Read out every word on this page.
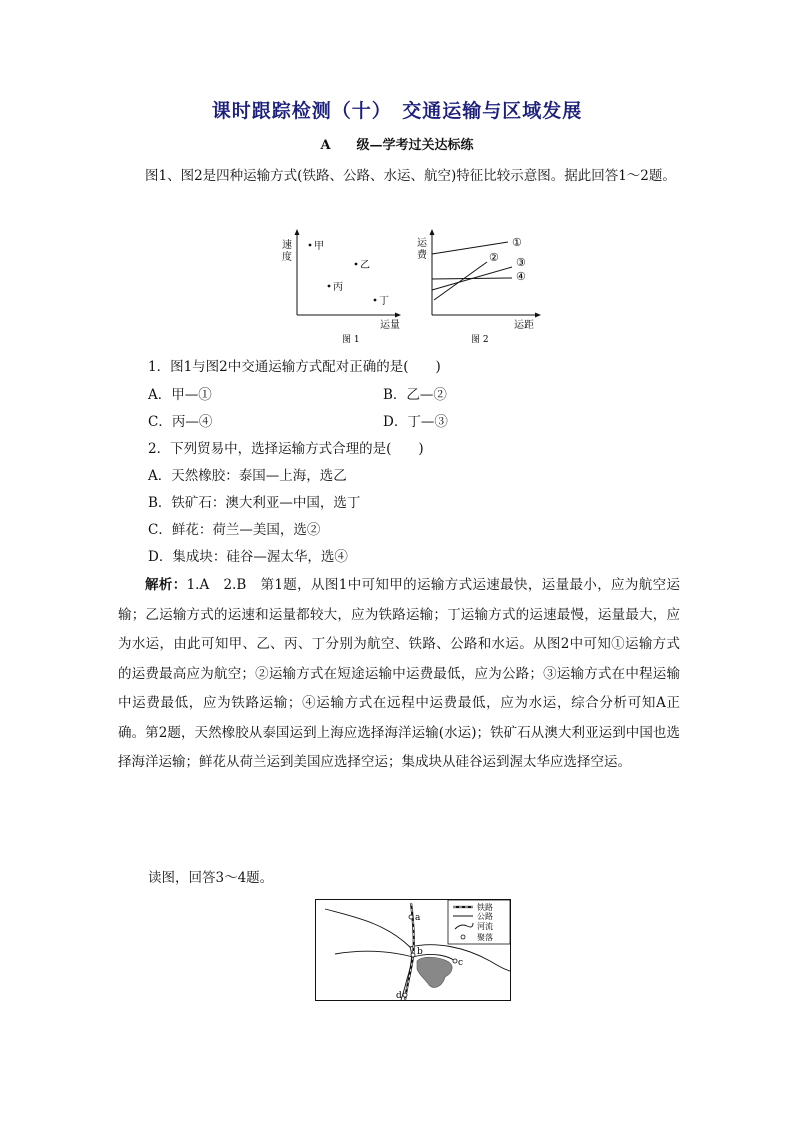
课时跟踪检测（十）　交通运输与区域发展
A　　级—学考过关达标练
图1、图2是四种运输方式(铁路、公路、水运、航空)特征比较示意图。据此回答1～2题。
速
度
运量
图 1
甲
乙
丙
丁
运
费
运距
图 2
①
② ③
④
1．图1与图2中交通运输方式配对正确的是(　　)
A．甲—①	B．乙—②
C．丙—④	D．丁—③
2．下列贸易中，选择运输方式合理的是(　　)
A．天然橡胶：泰国—上海，选乙
B．铁矿石：澳大利亚—中国，选丁
C．鲜花：荷兰—美国，选②
D．集成块：硅谷—渥太华，选④
解析：1.A　2.B　第1题，从图1中可知甲的运输方式运速最快，运量最小，应为航空运输；乙运输方式的运速和运量都较大，应为铁路运输；丁运输方式的运速最慢，运量最大，应为水运，由此可知甲、乙、丙、丁分别为航空、铁路、公路和水运。从图2中可知①运输方式的运费最高应为航空；②运输方式在短途运输中运费最低，应为公路；③运输方式在中程运输中运费最低，应为铁路运输；④运输方式在远程中运费最低，应为水运，综合分析可知A正确。第2题，天然橡胶从泰国运到上海应选择海洋运输(水运)；铁矿石从澳大利亚运到中国也选择海洋运输；鲜花从荷兰运到美国应选择空运；集成块从硅谷运到渥太华应选择空运。
读图，回答3～4题。
铁路
公路
河流
聚落
a
b
c
d
